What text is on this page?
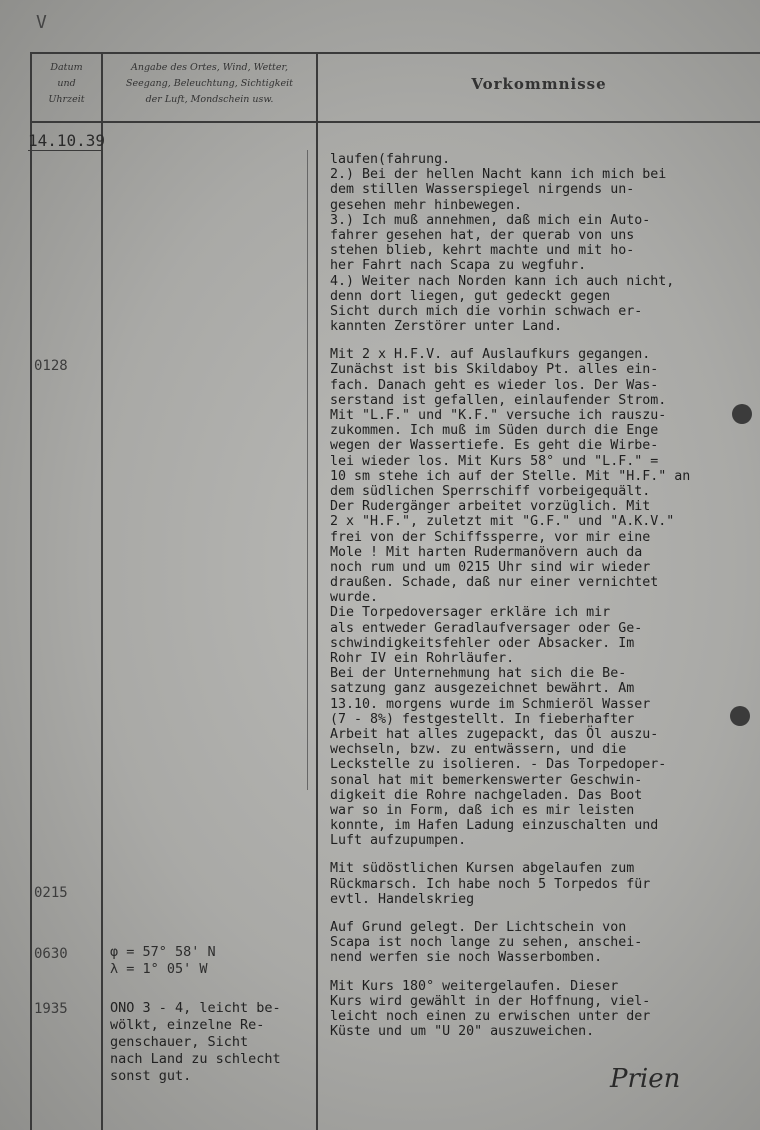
V
Datum
und
Uhrzeit
Angabe des Ortes, Wind, Wetter,
Seegang, Beleuchtung, Sichtigkeit
der Luft, Mondschein usw.
Vorkommnisse
14.10.39
0128
0215
0630
1935
φ = 57° 58' N
λ = 1° 05' W
ONO 3 - 4, leicht be-
wölkt, einzelne Re-
genschauer, Sicht
nach Land zu schlecht
sonst gut.
laufen(fahrung.
2.) Bei der hellen Nacht kann ich mich bei
dem stillen Wasserspiegel nirgends un-
gesehen mehr hinbewegen.
3.) Ich muß annehmen, daß mich ein Auto-
fahrer gesehen hat, der querab von uns
stehen blieb, kehrt machte und mit ho-
her Fahrt nach Scapa zu wegfuhr.
4.) Weiter nach Norden kann ich auch nicht,
denn dort liegen, gut gedeckt gegen
Sicht durch mich die vorhin schwach er-
kannten Zerstörer unter Land.
Mit 2 x H.F.V. auf Auslaufkurs gegangen.
Zunächst ist bis Skildaboy Pt. alles ein-
fach. Danach geht es wieder los. Der Was-
serstand ist gefallen, einlaufender Strom.
Mit "L.F." und "K.F." versuche ich rauszu-
zukommen. Ich muß im Süden durch die Enge
wegen der Wassertiefe. Es geht die Wirbe-
lei wieder los. Mit Kurs 58° und "L.F." =
10 sm stehe ich auf der Stelle. Mit "H.F." an
dem südlichen Sperrschiff vorbeigequält.
Der Rudergänger arbeitet vorzüglich. Mit
2 x "H.F.", zuletzt mit "G.F." und "A.K.V."
frei von der Schiffssperre, vor mir eine
Mole ! Mit harten Rudermanövern auch da
noch rum und um 0215 Uhr sind wir wieder
draußen. Schade, daß nur einer vernichtet
wurde.
Die Torpedoversager erkläre ich mir
als entweder Geradlaufversager oder Ge-
schwindigkeitsfehler oder Absacker. Im
Rohr IV ein Rohrläufer.
Bei der Unternehmung hat sich die Be-
satzung ganz ausgezeichnet bewährt. Am
13.10. morgens wurde im Schmieröl Wasser
(7 - 8%) festgestellt. In fieberhafter
Arbeit hat alles zugepackt, das Öl auszu-
wechseln, bzw. zu entwässern, und die
Leckstelle zu isolieren. - Das Torpedoper-
sonal hat mit bemerkenswerter Geschwin-
digkeit die Rohre nachgeladen. Das Boot
war so in Form, daß ich es mir leisten
konnte, im Hafen Ladung einzuschalten und
Luft aufzupumpen.
Mit südöstlichen Kursen abgelaufen zum
Rückmarsch. Ich habe noch 5 Torpedos für
evtl. Handelskrieg
Auf Grund gelegt. Der Lichtschein von
Scapa ist noch lange zu sehen, anschei-
nend werfen sie noch Wasserbomben.
Mit Kurs 180° weitergelaufen. Dieser
Kurs wird gewählt in der Hoffnung, viel-
leicht noch einen zu erwischen unter der
Küste und um "U 20" auszuweichen.
Prien
